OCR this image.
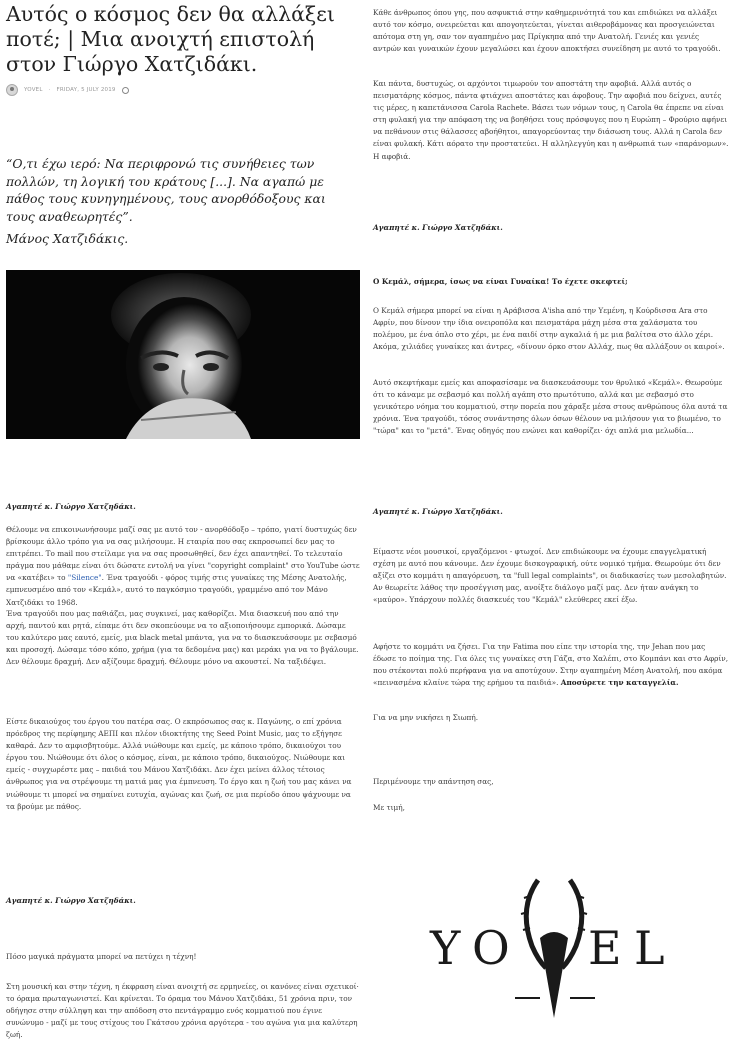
Αυτός ο κόσμος δεν θα αλλάξει ποτέ; | Μια ανοιχτή επιστολή στον Γιώργο Χατζιδάκι.
YOVEL · FRIDAY, 5 JULY 2019

“Ο,τι έχω ιερό: Να περιφρονώ τις συνήθειες των πολλών, τη λογική του κράτους [...]. Να αγαπώ με πάθος τους κυνηγημένους, τους ανορθόδοξους και τους αναθεωρητές”.

Μάνος Χατζιδάκις.

Αγαπητέ κ. Γιώργο Χατζηδάκι.

Θέλουμε να επικοινωνήσουμε μαζί σας με αυτό τον - ανορθόδοξο – τρόπο, γιατί δυστυχώς δεν βρίσκουμε άλλο τρόπο για να σας μιλήσουμε. Η εταιρία που σας εκπροσωπεί δεν μας το επιτρέπει. Το mail που στείλαμε για να σας προσωθηθεί, δεν έχει απαντηθεί. Το τελευταίο πράγμα που μάθαμε είναι ότι δώσατε εντολή να γίνει "copyright complaint" στο YouTube ώστε να «κατέβει» το "Silence". Ένα τραγούδι - φόρος τιμής στις γυναίκες της Μέσης Ανατολής, εμπνευσμένο από τον «Κεμάλ», αυτό το παγκόσμιο τραγούδι, γραμμένο από τον Μάνο Χατζιδάκι το 1968.

Ένα τραγούδι που μας παθιάζει, μας συγκινεί, μας καθορίζει. Μια διασκευή που από την αρχή, παντού και ρητά, είπαμε ότι δεν σκοπεύουμε να το αξιοποιήσουμε εμπορικά. Δώσαμε του καλύτερο μας εαυτό, εμείς, μια black metal μπάντα, για να το διασκευάσουμε με σεβασμό και προσοχή. Δώσαμε τόσο κόπο, χρήμα (για τα δεδομένα μας) και μεράκι για να το βγάλουμε. Δεν θέλουμε δραχμή. Δεν αξίζουμε δραχμή. Θέλουμε μόνο να ακουστεί. Να ταξιδέψει.

Είστε δικαιούχος του έργου του πατέρα σας. Ο εκπρόσωπος σας κ. Παγώνης, ο επί χρόνια πρόεδρος της περίφημης ΑΕΠΙ και πλέον ιδιοκτήτης της Seed Point Music, μας το εξήγησε καθαρά. Δεν το αμφισβητούμε. Αλλά νιώθουμε και εμείς, με κάποιο τρόπο, δικαιούχοι του έργου του. Νιώθουμε ότι όλος ο κόσμος, είναι, με κάποιο τρόπο, δικαιούχος. Νιώθουμε και εμείς - συγχωρέστε μας – παιδιά του Μάνου Χατζιδάκι. Δεν έχει μείνει άλλος τέτοιος άνθρωπος για να στρέψουμε τη ματιά μας για έμπνευση. Το έργο και η ζωή του μας κάνει να νιώθουμε τι μπορεί να σημαίνει ευτυχία, αγώνας και ζωή, σε μια περίοδο όπου ψάχνουμε να τα βρούμε με πάθος.

Αγαπητέ κ. Γιώργο Χατζηδάκι.

Πόσο μαγικά πράγματα μπορεί να πετύχει η τέχνη!

Στη μουσική και στην τέχνη, η έκφραση είναι ανοιχτή σε ερμηνείες, οι κανόνες είναι σχετικοί· το όραμα πρωταγωνιστεί. Και κρίνεται. Το όραμα του Μάνου Χατζιδάκι, 51 χρόνια πριν, τον οδήγησε στην σύλληψη και την απόδοση στο πεντάγραμμο ενός κομματιού που έγινε συνώνυμο - μαζί με τους στίχους του Γκάτσου χρόνια αργότερα - του αγώνα για μια καλύτερη ζωή.

Κάθε άνθρωπος όπου γης, που ασφυκτιά στην καθημερινότητά του και επιδιώκει να αλλάξει αυτό τον κόσμο, ονειρεύεται και απογοητεύεται, γίνεται αιθεροβάμονας και προσγειώνεται απότομα στη γη, σαν τον αγαπημένο μας Πρίγκηπα από την Ανατολή. Γενιές και γενιές αντρών και γυναικών έχουν μεγαλώσει και έχουν αποκτήσει συνείδηση με αυτό το τραγούδι.

Και πάντα, δυστυχώς, οι αρχόντοι τιμωρούν τον αποστάτη την αφοβιά. Αλλά αυτός ο πεισματάρης κόσμος, πάντα φτιάχνει αποστάτες και άφοβους. Την αφοβιά που δείχνει, αυτές τις μέρες, η καπετάνισσα Carola Rachete. Βάσει των νόμων τους, η Carola θα έπρεπε να είναι στη φυλακή για την απόφαση της να βοηθήσει τους πρόσφυγες που η Ευρώπη – Φρούριο αφήνει να πεθάνουν στις θάλασσες αβοήθητοι, απαγορεύοντας την διάσωση τους. Αλλά η Carola δεν είναι φυλακή. Κάτι αόρατο την προστατεύει. Η αλληλεγγύη και η ανθρωπιά των «παράνομων». Η αφοβιά.

Αγαπητέ κ. Γιώργο Χατζηδάκι.

Ο Κεμάλ, σήμερα, ίσως να είναι Γυναίκα! Το έχετε σκεφτεί;

Ο Κεμάλ σήμερα μπορεί να είναι η Αράβισσα A'isha από την Υεμένη, η Κούρδισσα Ara στο Αφρίν, που δίνουν την ίδια ονειροπόλα και πεισματάρα μάχη μέσα στα χαλάσματα του πολέμου, με ένα όπλο στο χέρι, με ένα παιδί στην αγκαλιά ή με μια βαλίτσα στο άλλο χέρι. Ακόμα, χιλιάδες γυναίκες και άντρες, «δίνουν όρκο στον Αλλάχ, πως θα αλλάξουν οι καιροί».

Αυτό σκεφτήκαμε εμείς και αποφασίσαμε να διασκευάσουμε τον θρυλικό «Κεμάλ». Θεωρούμε ότι το κάναμε με σεβασμό και πολλή αγάπη στο πρωτότυπο, αλλά και με σεβασμό στο γενικότερο νόημα του κομματιού, στην πορεία που χάραξε μέσα στους ανθρώπους όλα αυτά τα χρόνια. Ένα τραγούδι, τόσος συνάντησης όλων όσων θέλουν να μιλήσουν για το βιωμένο, το "τώρα" και το "μετά". Ένας οδηγός που ενώνει και καθορίζει· όχι απλά μια μελωδία...

Αγαπητέ κ. Γιώργο Χατζηδάκι.

Είμαστε νέοι μουσικοί, εργαζόμενοι - φτωχοί. Δεν επιδιώκουμε να έχουμε επαγγελματική σχέση με αυτό που κάνουμε. Δεν έχουμε δισκογραφική, ούτε νομικό τμήμα. Θεωρούμε ότι δεν αξίζει στο κομμάτι η απαγόρευση, τα "full legal complaints", οι διαδικασίες των μεσολαβητών. Αν θεωρείτε λάθος την προσέγγιση μας, ανοίξτε διάλογο μαζί μας. Δεν ήταν ανάγκη το «μαύρο». Υπάρχουν πολλές διασκευές του "Κεμάλ" ελεύθερες εκεί έξω.

Αφήστε το κομμάτι να ζήσει. Για την Fatima που είπε την ιστορία της, την Jehan που μας έδωσε το ποίημα της. Για όλες τις γυναίκες στη Γάζα, στο Χαλέπι, στο Κομπάνι και στο Αφρίν, που στέκονται πολύ περήφανα για να αποτύχουν. Στην αγαπημένη Μέση Ανατολή, που ακόμα «πεινασμένα κλαίνε τώρα της ερήμου τα παιδιά». Αποσύρετε την καταγγελία.

Για να μην νικήσει η Σιωπή.

Περιμένουμε την απάντηση σας,

Με τιμή,

Y O E L
